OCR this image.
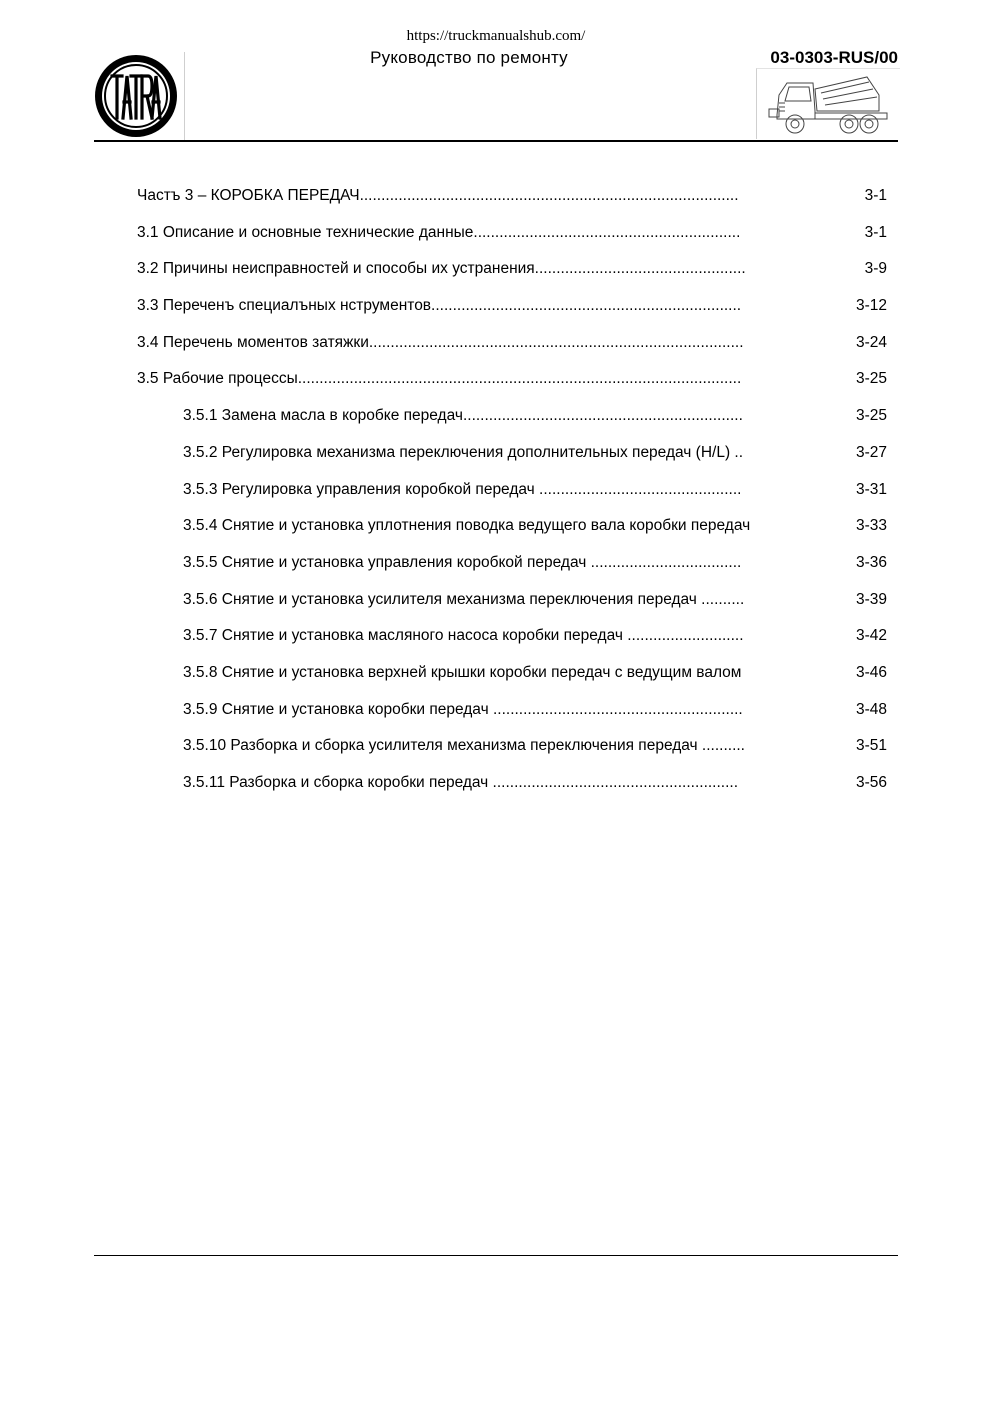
https://truckmanualshub.com/
Руководство по ремонту	03-0303-RUS/00
Частъ 3 – КОРОБКА ПЕРЕДАЧ........................................................................................	3-1
3.1 Описание и основные технические данные..............................................................	3-1
3.2 Причины неисправностей и способы их устранения.................................................	3-9
3.3 Переченъ специалъных нструментов........................................................................	3-12
3.4 Перечень моментов затяжки.......................................................................................	3-24
3.5 Рабочие процессы.......................................................................................................	3-25
3.5.1 Замена масла в коробке передач.................................................................	3-25
3.5.2 Регулировка механизма переключения дополнительных передач (H/L) ..	3-27
3.5.3 Регулировка управления коробкой передач ...............................................	3-31
3.5.4 Снятие и установка уплотнения поводка ведущего вала коробки передач	3-33
3.5.5 Снятие и установка управления коробкой передач ...................................	3-36
3.5.6 Снятие и установка усилителя механизма переключения передач ..........	3-39
3.5.7 Снятие и установка масляного насоса коробки передач ...........................	3-42
3.5.8 Снятие и установка верхней крышки коробки передач с ведущим валом	3-46
3.5.9 Снятие и установка коробки передач ..........................................................	3-48
3.5.10 Разборка и сборка усилителя механизма переключения передач ..........	3-51
3.5.11 Разборка и сборка коробки передач .........................................................	3-56
